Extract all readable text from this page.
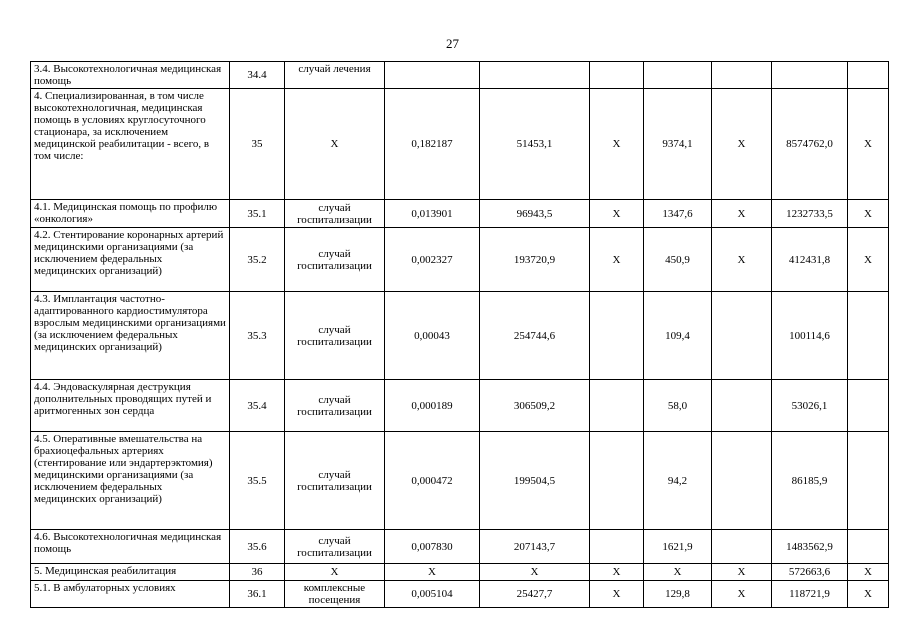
27
3.4. Высокотехнологичная медицинская помощь	34.4	случай лечения							
4. Специализированная, в том числе высокотехнологичная, медицинская помощь в условиях круглосуточного стационара, за исключением медицинской реабилитации - всего, в том числе:	35	X	0,182187	51453,1	X	9374,1	X	8574762,0	X
4.1. Медицинская помощь по профилю «онкология»	35.1	случай госпитализации	0,013901	96943,5	X	1347,6	X	1232733,5	X
4.2. Стентирование коронарных артерий медицинскими организациями (за исключением федеральных медицинских организаций)	35.2	случай госпитализации	0,002327	193720,9	X	450,9	X	412431,8	X
4.3. Имплантация частотно-адаптированного кардиостимулятора взрослым медицинскими организациями (за исключением федеральных медицинских организаций)	35.3	случай госпитализации	0,00043	254744,6		109,4		100114,6	
4.4. Эндоваскулярная деструкция дополнительных проводящих путей и аритмогенных зон сердца	35.4	случай госпитализации	0,000189	306509,2		58,0		53026,1	
4.5. Оперативные вмешательства на брахиоцефальных артериях (стентирование или эндартерэктомия) медицинскими организациями (за исключением федеральных медицинских организаций)	35.5	случай госпитализации	0,000472	199504,5		94,2		86185,9	
4.6. Высокотехнологичная медицинская помощь	35.6	случай госпитализации	0,007830	207143,7		1621,9		1483562,9	
5. Медицинская реабилитация	36	X	X	X	X	X	X	572663,6	X
5.1. В амбулаторных условиях	36.1	комплексные посещения	0,005104	25427,7	X	129,8	X	118721,9	X
